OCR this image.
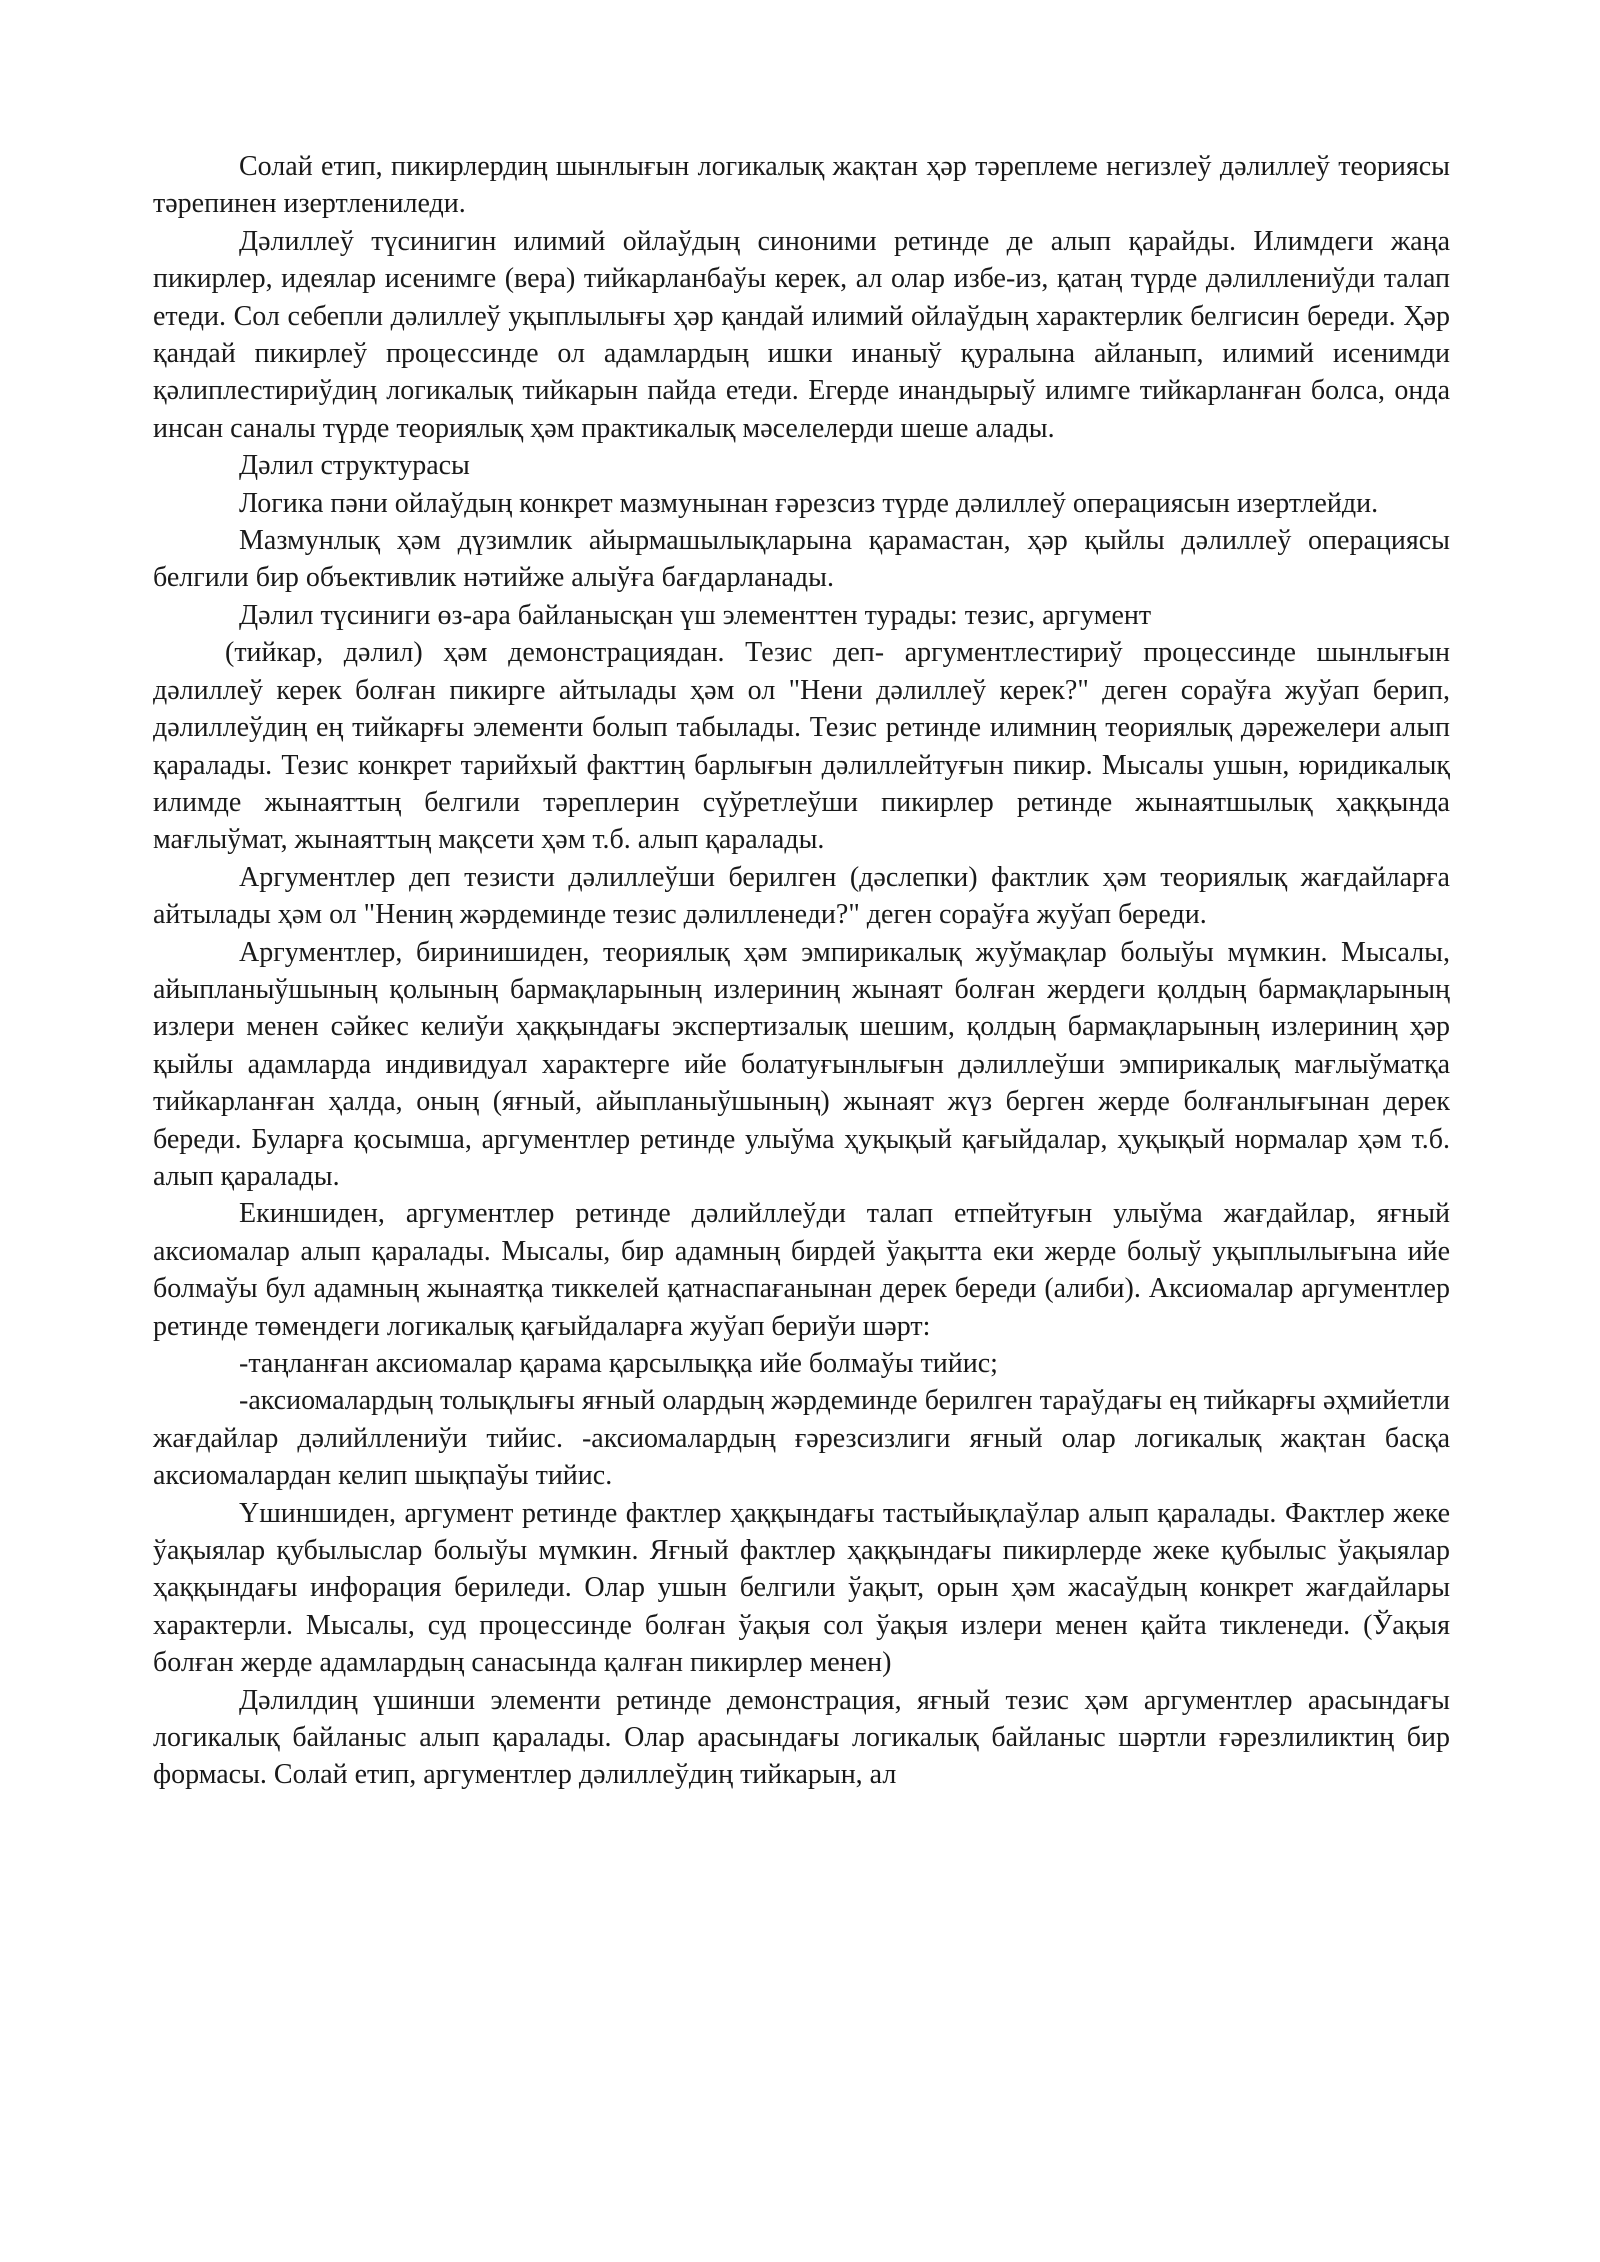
Солай етип, пикирлердиң шынлығын логикалық жақтан ҳәр тәреплеме негизлеў дәлиллеў теориясы тәрепинен изертлениледи.

Дәлиллеў түсинигин илимий ойлаўдың синоними ретинде де алып қарайды. Илимдеги жаңа пикирлер, идеялар исенимге (вера) тийкарланбаўы керек, ал олар избе-из, қатаң түрде дәлиллениўди талап етеди. Сол себепли дәлиллеў уқыплылығы ҳәр қандай илимий ойлаўдың характерлик белгисин береди. Ҳәр қандай пикирлеў процессинде ол адамлардың ишки инаныў қуралына айланып, илимий исенимди қәлиплестириўдиң логикалық тийкарын пайда етеди. Егерде инандырыў илимге тийкарланған болса, онда инсан саналы түрде теориялық ҳәм практикалық мәселелерди шеше алады.

Дәлил структурасы

Логика пәни ойлаўдың конкрет мазмунынан ғәрезсиз түрде дәлиллеў операциясын изертлейди.

Мазмунлық ҳәм дүзимлик айырмашылықларына қарамастан, ҳәр қыйлы дәлиллеў операциясы белгили бир объективлик нәтийже алыўға бағдарланады.

Дәлил түсиниги өз-ара байланысқан үш элементтен турады: тезис, аргумент

(тийкар, дәлил) ҳәм демонстрациядан. Тезис деп- аргументлестириў процессинде шынлығын дәлиллеў керек болған пикирге айтылады ҳәм ол "Нени дәлиллеў керек?" деген сораўға жуўап берип, дәлиллеўдиң ең тийкарғы элементи болып табылады. Тезис ретинде илимниң теориялық дәрежелери алып қаралады. Тезис конкрет тарийхый факттиң барлығын дәлиллейтуғын пикир. Мысалы ушын, юридикалық илимде жынаяттың белгили тәреплерин сүўретлеўши пикирлер ретинде жынаятшылық ҳаққында мағлыўмат, жынаяттың мақсети ҳәм т.б. алып қаралады.

Аргументлер деп тезисти дәлиллеўши берилген (дәслепки) фактлик ҳәм теориялық жағдайларға айтылады ҳәм ол "Нениң жәрдеминде тезис дәлилленеди?" деген сораўға жуўап береди.

Аргументлер, биринишиден, теориялық ҳәм эмпирикалық жуўмақлар болыўы мүмкин. Мысалы, айыпланыўшының қолының бармақларының излериниң жынаят болған жердеги қолдың бармақларының излери менен сәйкес келиўи ҳаққындағы экспертизалық шешим, қолдың бармақларының излериниң ҳәр қыйлы адамларда индивидуал характерге ийе болатуғынлығын дәлиллеўши эмпирикалық мағлыўматқа тийкарланған ҳалда, оның (яғный, айыпланыўшының) жынаят жүз берген жерде болғанлығынан дерек береди. Буларға қосымша, аргументлер ретинде улыўма ҳуқықый қағыйдалар, ҳуқықый нормалар ҳәм т.б. алып қаралады.

Екиншиден, аргументлер ретинде дәлийллеўди талап етпейтуғын улыўма жағдайлар, яғный аксиомалар алып қаралады. Мысалы, бир адамның бирдей ўақытта еки жерде болыў уқыплылығына ийе болмаўы бул адамның жынаятқа тиккелей қатнаспағанынан дерек береди (алиби). Аксиомалар аргументлер ретинде төмендеги логикалық қағыйдаларға жуўап бериўи шәрт:

-таңланған аксиомалар қарама қарсылыққа ийе болмаўы тийис;

-аксиомалардың толықлығы яғный олардың жәрдеминде берилген тараўдағы ең тийкарғы әҳмийетли жағдайлар дәлийллениўи тийис. -аксиомалардың ғәрезсизлиги яғный олар логикалық жақтан басқа аксиомалардан келип шықпаўы тийис.

Үшиншиден, аргумент ретинде фактлер ҳаққындағы тастыйықлаўлар алып қаралады. Фактлер жеке ўақыялар қубылыслар болыўы мүмкин. Яғный фактлер ҳаққындағы пикирлерде жеке қубылыс ўақыялар ҳаққындағы инфорация бериледи. Олар ушын белгили ўақыт, орын ҳәм жасаўдың конкрет жағдайлары характерли. Мысалы, суд процессинде болған ўақыя сол ўақыя излери менен қайта тикленеди. (Ўақыя болған жерде адамлардың санасында қалған пикирлер менен)

Дәлилдиң үшинши элементи ретинде демонстрация, яғный тезис ҳәм аргументлер арасындағы логикалық байланыс алып қаралады. Олар арасындағы логикалық байланыс шәртли ғәрезлиликтиң бир формасы. Солай етип, аргументлер дәлиллеўдиң тийкарын, ал
